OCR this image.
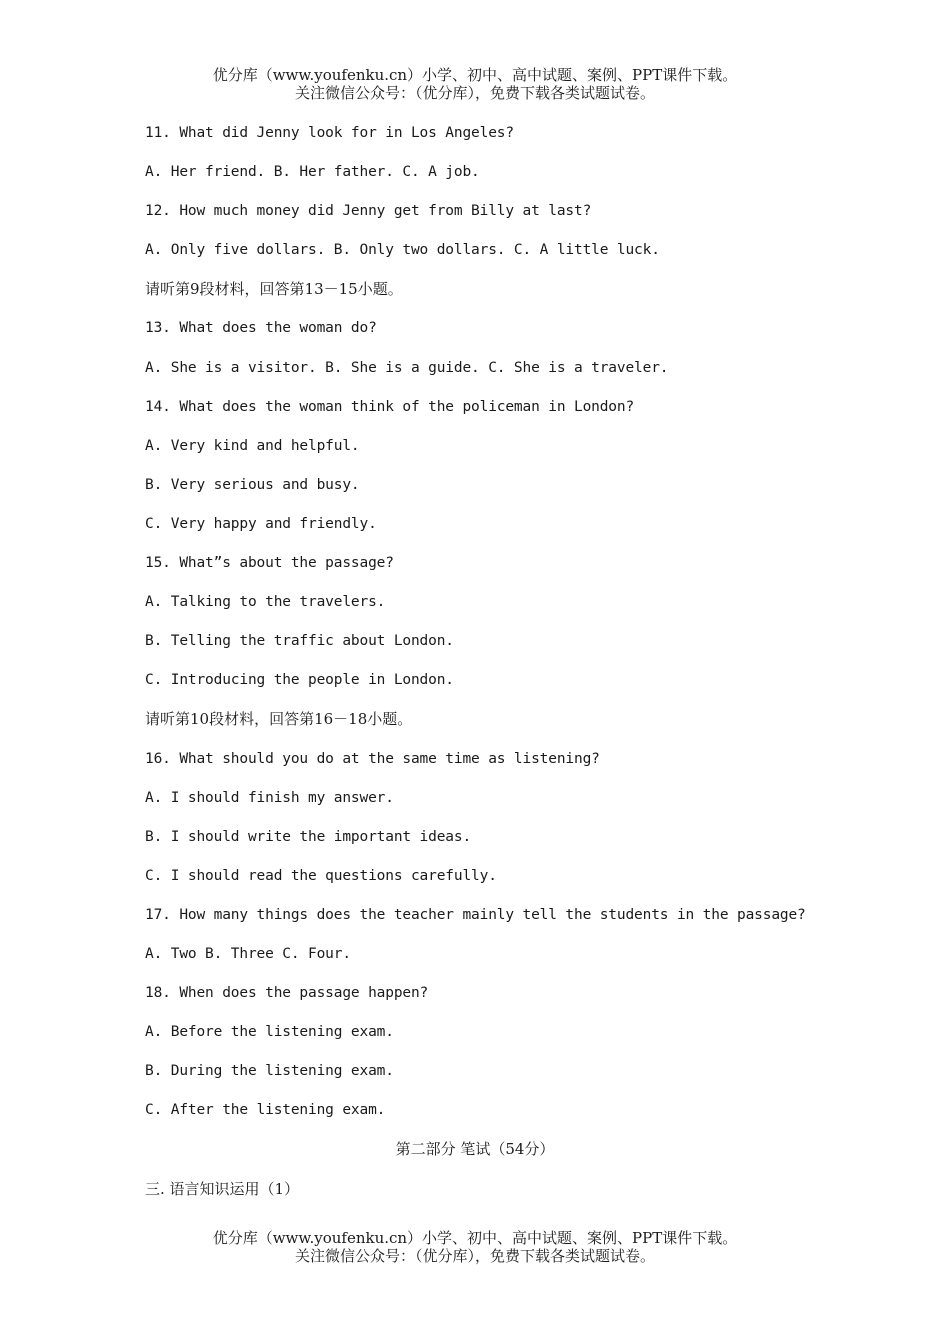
优分库（www.youfenku.cn）小学、初中、高中试题、案例、PPT课件下载。
关注微信公众号：（优分库），免费下载各类试题试卷。
11. What did Jenny look for in Los Angeles?
A. Her friend. B. Her father. C. A job.
12. How much money did Jenny get from Billy at last?
A. Only five dollars. B. Only two dollars. C. A little luck.
请听第9段材料，回答第13－15小题。
13. What does the woman do?
A. She is a visitor. B. She is a guide. C. She is a traveler.
14. What does the woman think of the policeman in London?
A. Very kind and helpful.
B. Very serious and busy.
C. Very happy and friendly.
15. What”s about the passage?
A. Talking to the travelers.
B. Telling the traffic about London.
C. Introducing the people in London.
请听第10段材料，回答第16－18小题。
16. What should you do at the same time as listening?
A. I should finish my answer.
B. I should write the important ideas.
C. I should read the questions carefully.
17. How many things does the teacher mainly tell the students in the passage?
A. Two B. Three C. Four.
18. When does the passage happen?
A. Before the listening exam.
B. During the listening exam.
C. After the listening exam.
第二部分 笔试（54分）
三. 语言知识运用（1）
优分库（www.youfenku.cn）小学、初中、高中试题、案例、PPT课件下载。
关注微信公众号：（优分库），免费下载各类试题试卷。
